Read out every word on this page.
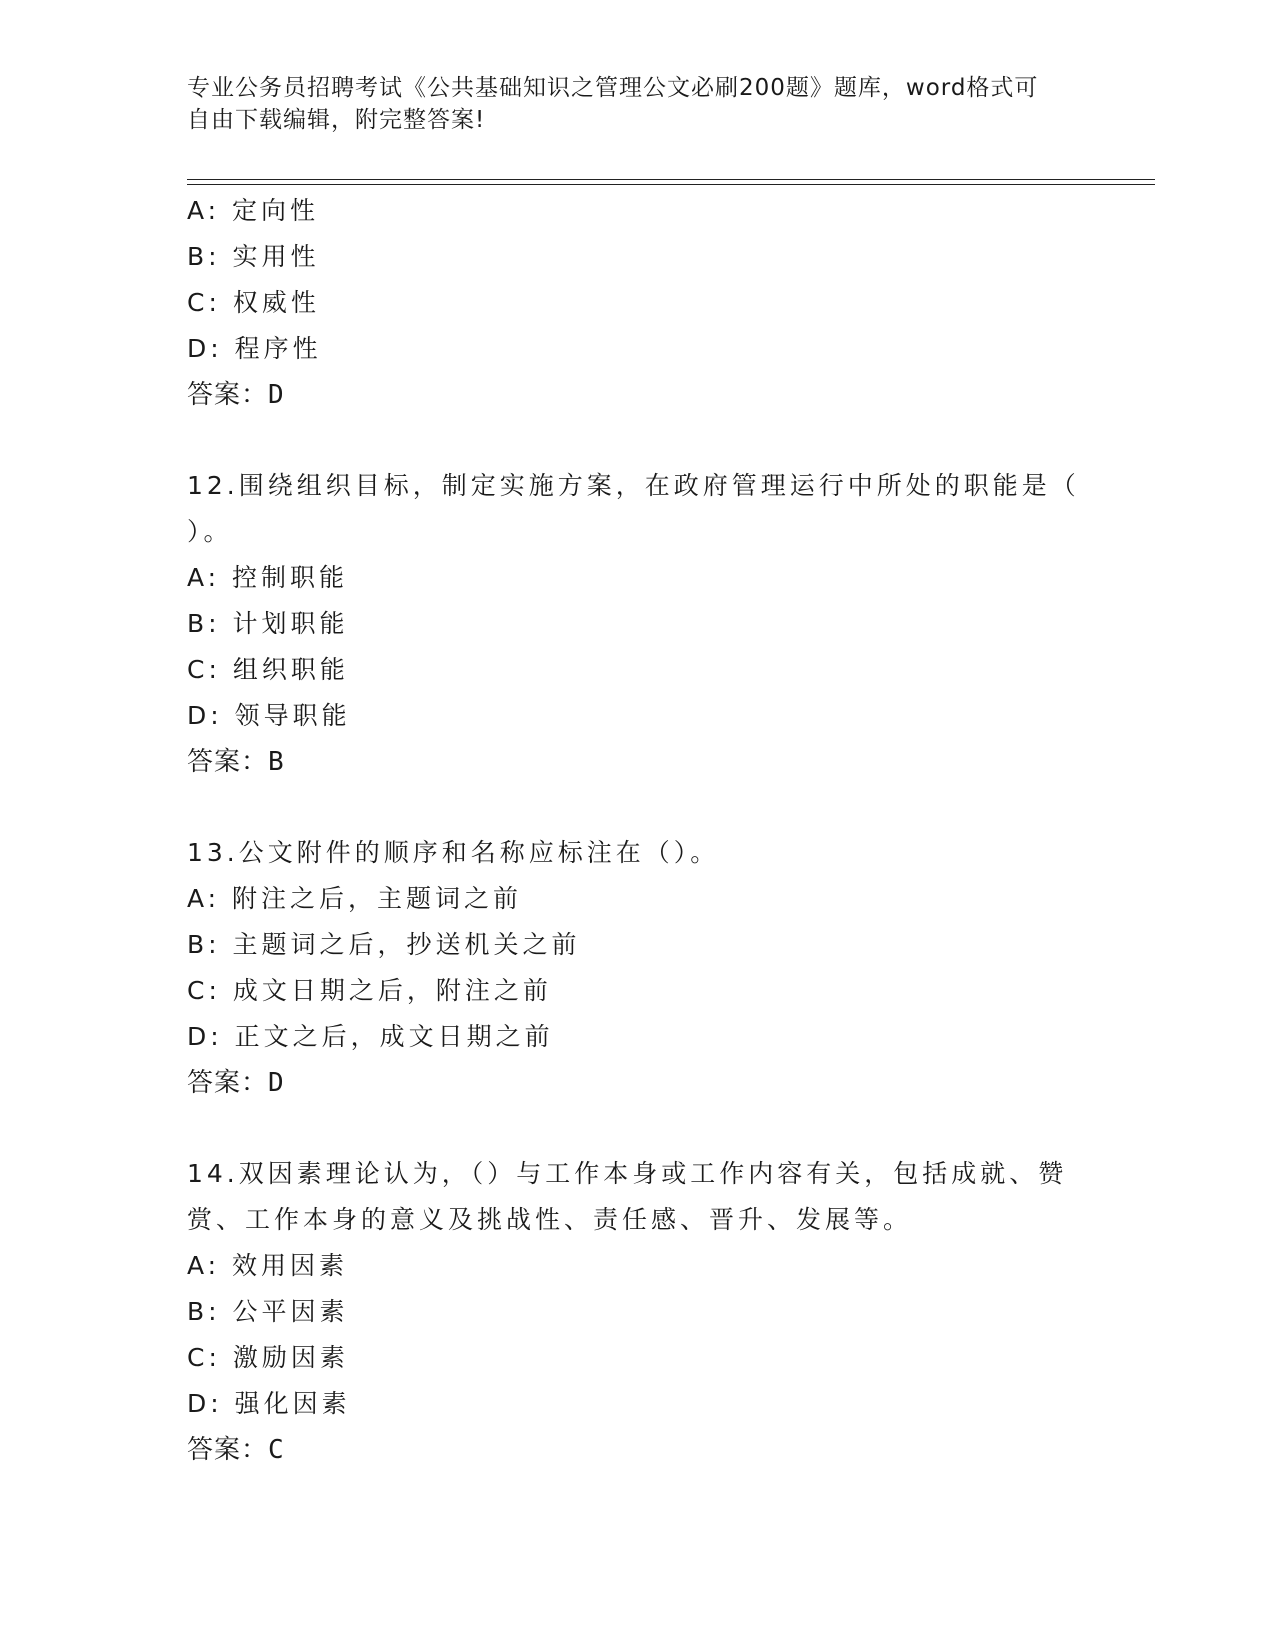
专业公务员招聘考试《公共基础知识之管理公文必刷200题》题库，word格式可
自由下载编辑，附完整答案!
A: 定向性
B: 实用性
C: 权威性
D: 程序性
答案：D
12.围绕组织目标，制定实施方案，在政府管理运行中所处的职能是（
）。
A: 控制职能
B: 计划职能
C: 组织职能
D: 领导职能
答案：B
13.公文附件的顺序和名称应标注在（）。
A: 附注之后，主题词之前
B: 主题词之后，抄送机关之前
C: 成文日期之后，附注之前
D: 正文之后，成文日期之前
答案：D
14.双因素理论认为，（）与工作本身或工作内容有关，包括成就、赞
赏、工作本身的意义及挑战性、责任感、晋升、发展等。
A: 效用因素
B: 公平因素
C: 激励因素
D: 强化因素
答案：C
